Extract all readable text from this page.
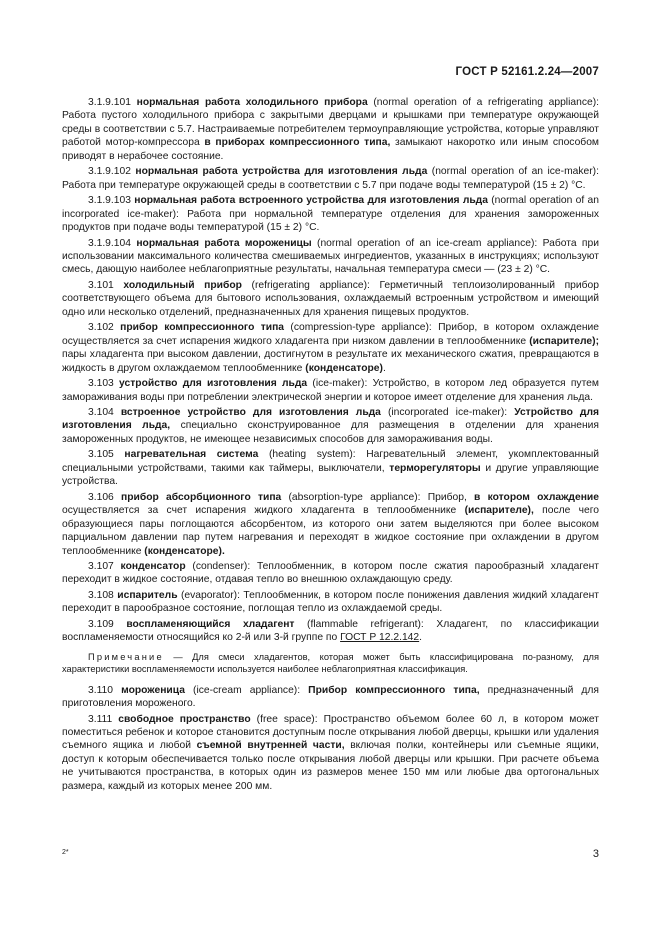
ГОСТ Р 52161.2.24—2007

3.1.9.101 нормальная работа холодильного прибора (normal operation of a refrigerating appliance): Работа пустого холодильного прибора с закрытыми дверцами и крышками при температуре окружающей среды в соответствии с 5.7. Настраиваемые потребителем термоуправляющие устройства, которые управляют работой мотор-компрессора в приборах компрессионного типа, замыкают накоротко или иным способом приводят в нерабочее состояние.

3.1.9.102 нормальная работа устройства для изготовления льда (normal operation of an ice-maker): Работа при температуре окружающей среды в соответствии с 5.7 при подаче воды температурой (15 ± 2) °С.

3.1.9.103 нормальная работа встроенного устройства для изготовления льда (normal operation of an incorporated ice-maker): Работа при нормальной температуре отделения для хранения замороженных продуктов при подаче воды температурой (15 ± 2) °С.

3.1.9.104 нормальная работа мороженицы (normal operation of an ice-cream appliance): Работа при использовании максимального количества смешиваемых ингредиентов, указанных в инструкциях; используют смесь, дающую наиболее неблагоприятные результаты, начальная температура смеси — (23 ± 2) °С.

3.101 холодильный прибор (refrigerating appliance): Герметичный теплоизолированный прибор соответствующего объема для бытового использования, охлаждаемый встроенным устройством и имеющий одно или несколько отделений, предназначенных для хранения пищевых продуктов.

3.102 прибор компрессионного типа (compression-type appliance): Прибор, в котором охлаждение осуществляется за счет испарения жидкого хладагента при низком давлении в теплообменнике (испарителе); пары хладагента при высоком давлении, достигнутом в результате их механического сжатия, превращаются в жидкость в другом охлаждаемом теплообменнике (конденсаторе).

3.103 устройство для изготовления льда (ice-maker): Устройство, в котором лед образуется путем замораживания воды при потреблении электрической энергии и которое имеет отделение для хранения льда.

3.104 встроенное устройство для изготовления льда (incorporated ice-maker): Устройство для изготовления льда, специально сконструированное для размещения в отделении для хранения замороженных продуктов, не имеющее независимых способов для замораживания воды.

3.105 нагревательная система (heating system): Нагревательный элемент, укомплектованный специальными устройствами, такими как таймеры, выключатели, терморегуляторы и другие управляющие устройства.

3.106 прибор абсорбционного типа (absorption-type appliance): Прибор, в котором охлаждение осуществляется за счет испарения жидкого хладагента в теплообменнике (испарителе), после чего образующиеся пары поглощаются абсорбентом, из которого они затем выделяются при более высоком парциальном давлении пар путем нагревания и переходят в жидкое состояние при охлаждении в другом теплообменнике (конденсаторе).

3.107 конденсатор (condenser): Теплообменник, в котором после сжатия парообразный хладагент переходит в жидкое состояние, отдавая тепло во внешнюю охлаждающую среду.

3.108 испаритель (evaporator): Теплообменник, в котором после понижения давления жидкий хладагент переходит в парообразное состояние, поглощая тепло из охлаждаемой среды.

3.109 воспламеняющийся хладагент (flammable refrigerant): Хладагент, по классификации воспламеняемости относящийся ко 2-й или 3-й группе по ГОСТ Р 12.2.142.

Примечание — Для смеси хладагентов, которая может быть классифицирована по-разному, для характеристики воспламеняемости используется наиболее неблагоприятная классификация.

3.110 мороженица (ice-cream appliance): Прибор компрессионного типа, предназначенный для приготовления мороженого.

3.111 свободное пространство (free space): Пространство объемом более 60 л, в котором может поместиться ребенок и которое становится доступным после открывания любой дверцы, крышки или удаления съемного ящика и любой съемной внутренней части, включая полки, контейнеры или съемные ящики, доступ к которым обеспечивается только после открывания любой дверцы или крышки. При расчете объема не учитываются пространства, в которых один из размеров менее 150 мм или любые два ортогональных размера, каждый из которых менее 200 мм.

2*	3
